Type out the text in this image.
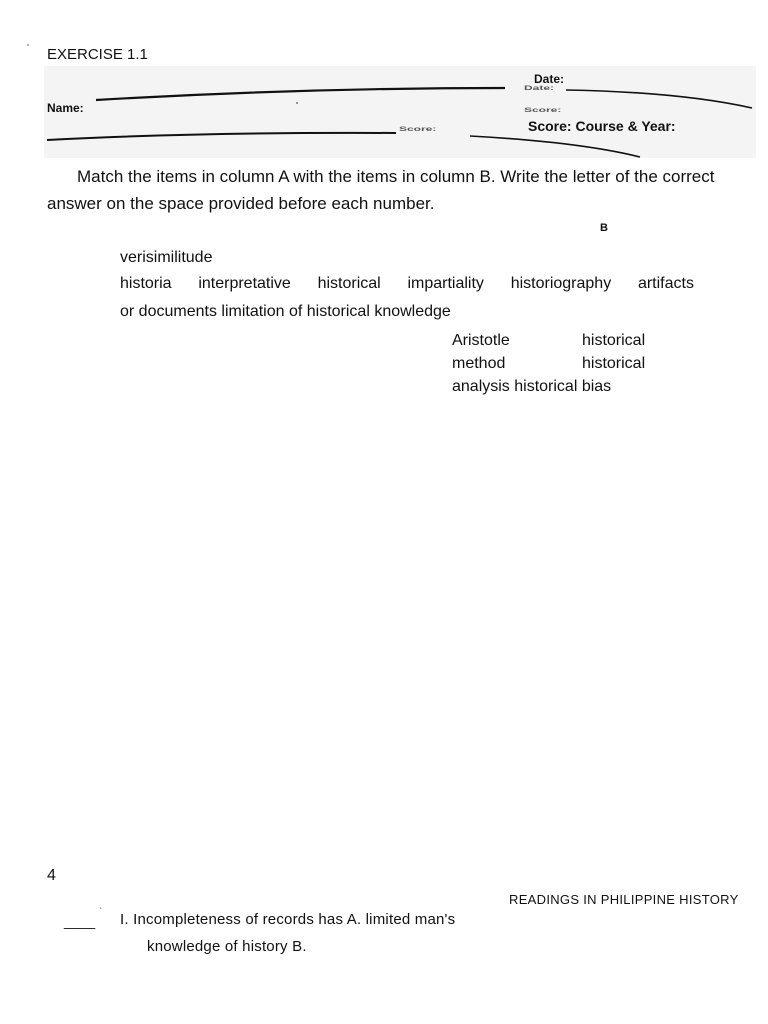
EXERCISE 1.1
Date:
Score:
Score:
Date:
Name:
Score: Course & Year:
Match the items in column A with the items in column B. Write the letter of the correct answer on the space provided before each number.
B
verisimilitude
historia interpretative historical impartiality historiography artifacts
or documents limitation of historical knowledge
Aristotle	historical
method	historical
analysis historical bias
4
READINGS IN PHILIPPINE HISTORY
____
` I. Incompleteness of records has A. limited man's
knowledge of history B.
